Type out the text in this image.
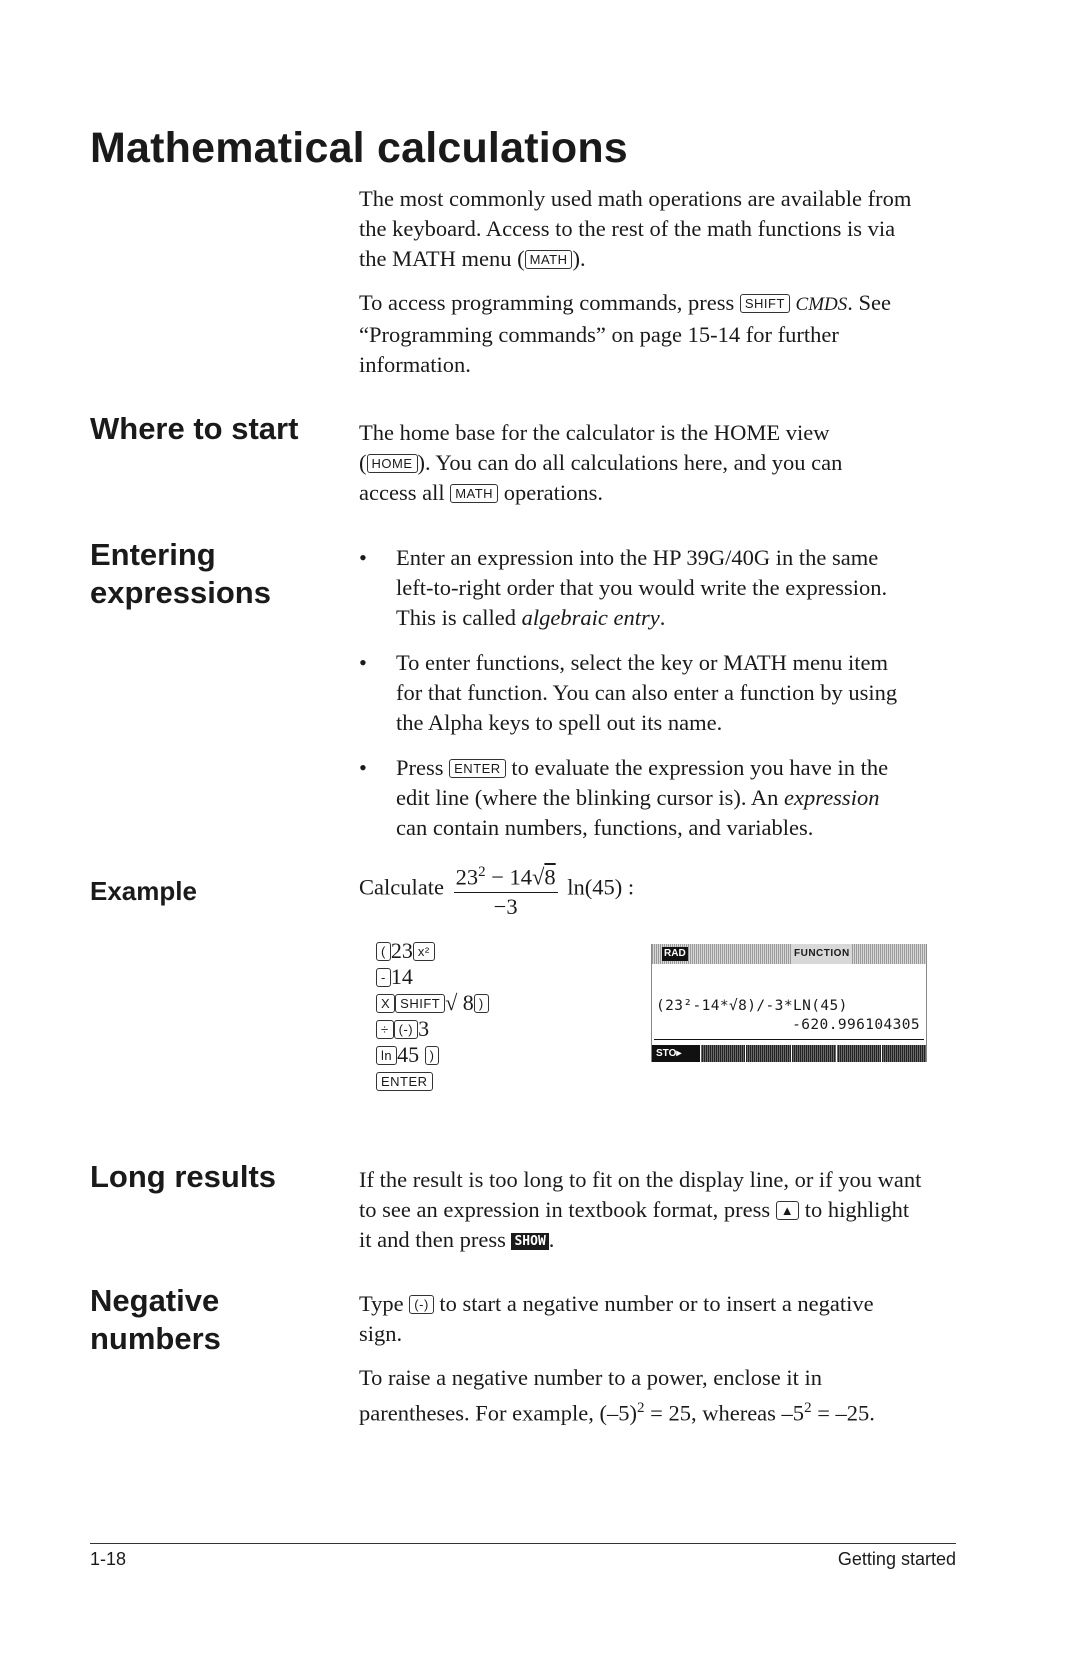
Mathematical calculations
The most commonly used math operations are available from
the keyboard. Access to the rest of the math functions is via
the MATH menu ( MATH ).
To access programming commands, press SHIFT CMDS. See
“Programming commands” on page 15-14 for further
information.
Where to start	The home base for the calculator is the HOME view
( HOME ). You can do all calculations here, and you can
access all MATH operations.
Entering
expressions
• Enter an expression into the HP 39G/40G in the same
left-to-right order that you would write the expression.
This is called algebraic entry.
• To enter functions, select the key or MATH menu item
for that function. You can also enter a function by using
the Alpha keys to spell out its name.
• Press ENTER to evaluate the expression you have in the
edit line (where the blinking cursor is). An expression
can contain numbers, functions, and variables.
Example	Calculate $\frac{23^2 - 14√8}{-3} \ln(45)$ :
( 23 x²
- 14
X SHIFT √ 8 )
÷ (-) 3
ln 45 )
ENTER
RAD	FUNCTION
(23²-14*√8)/-3*LN(45)
-620.996104305
STO▸
Long results	If the result is too long to fit on the display line, or if you want
to see an expression in textbook format, press ▲ to highlight
it and then press SHOW .
Negative
numbers
Type (-) to start a negative number or to insert a negative
sign.
To raise a negative number to a power, enclose it in
parentheses. For example, $(-5)^2 = 25$, whereas $-5^2 = -25$.
1-18	Getting started
